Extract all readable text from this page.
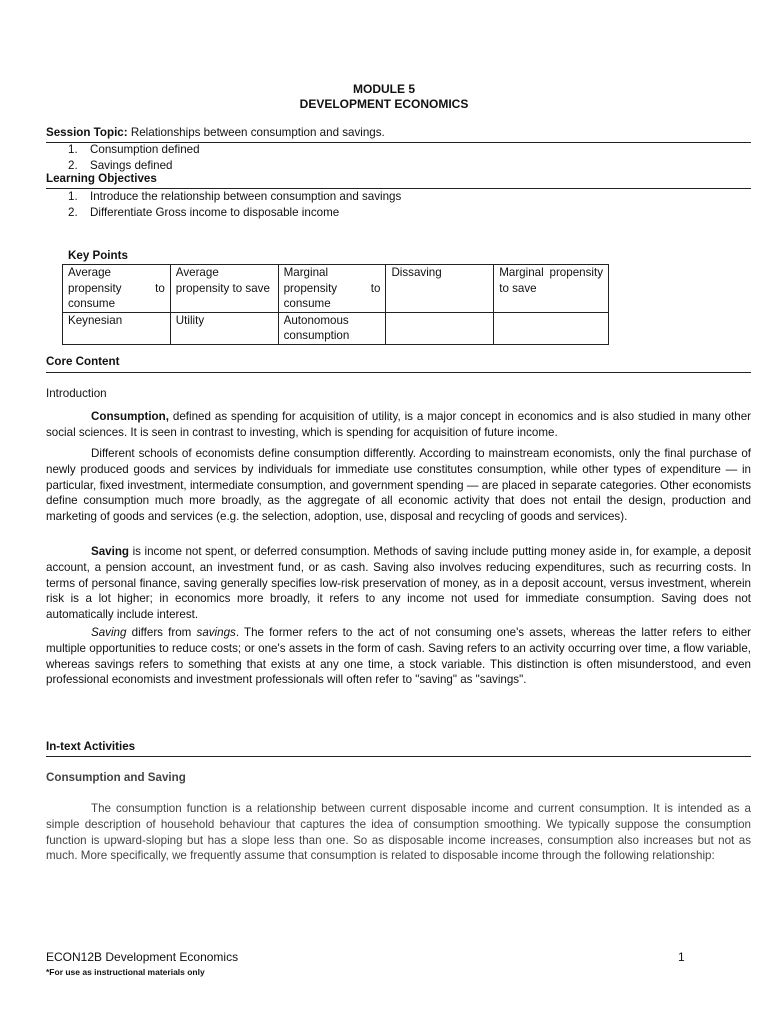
MODULE 5
DEVELOPMENT ECONOMICS
Session Topic: Relationships between consumption and savings.
1. Consumption defined
2. Savings defined
Learning Objectives
1. Introduce the relationship between consumption and savings
2. Differentiate Gross income to disposable income
Key Points
Average propensity to consume	Average propensity to save	Marginal propensity to consume	Dissaving	Marginal propensity to save
Keynesian	Utility	Autonomous consumption		
Core Content
Introduction
Consumption, defined as spending for acquisition of utility, is a major concept in economics and is also studied in many other social sciences. It is seen in contrast to investing, which is spending for acquisition of future income.
Different schools of economists define consumption differently. According to mainstream economists, only the final purchase of newly produced goods and services by individuals for immediate use constitutes consumption, while other types of expenditure — in particular, fixed investment, intermediate consumption, and government spending — are placed in separate categories. Other economists define consumption much more broadly, as the aggregate of all economic activity that does not entail the design, production and marketing of goods and services (e.g. the selection, adoption, use, disposal and recycling of goods and services).
Saving is income not spent, or deferred consumption. Methods of saving include putting money aside in, for example, a deposit account, a pension account, an investment fund, or as cash. Saving also involves reducing expenditures, such as recurring costs. In terms of personal finance, saving generally specifies low-risk preservation of money, as in a deposit account, versus investment, wherein risk is a lot higher; in economics more broadly, it refers to any income not used for immediate consumption. Saving does not automatically include interest.
Saving differs from savings. The former refers to the act of not consuming one's assets, whereas the latter refers to either multiple opportunities to reduce costs; or one's assets in the form of cash. Saving refers to an activity occurring over time, a flow variable, whereas savings refers to something that exists at any one time, a stock variable. This distinction is often misunderstood, and even professional economists and investment professionals will often refer to "saving" as "savings".
In-text Activities
Consumption and Saving
The consumption function is a relationship between current disposable income and current consumption. It is intended as a simple description of household behaviour that captures the idea of consumption smoothing. We typically suppose the consumption function is upward-sloping but has a slope less than one. So as disposable income increases, consumption also increases but not as much. More specifically, we frequently assume that consumption is related to disposable income through the following relationship:
ECON12B Development Economics
*For use as instructional materials only
1
